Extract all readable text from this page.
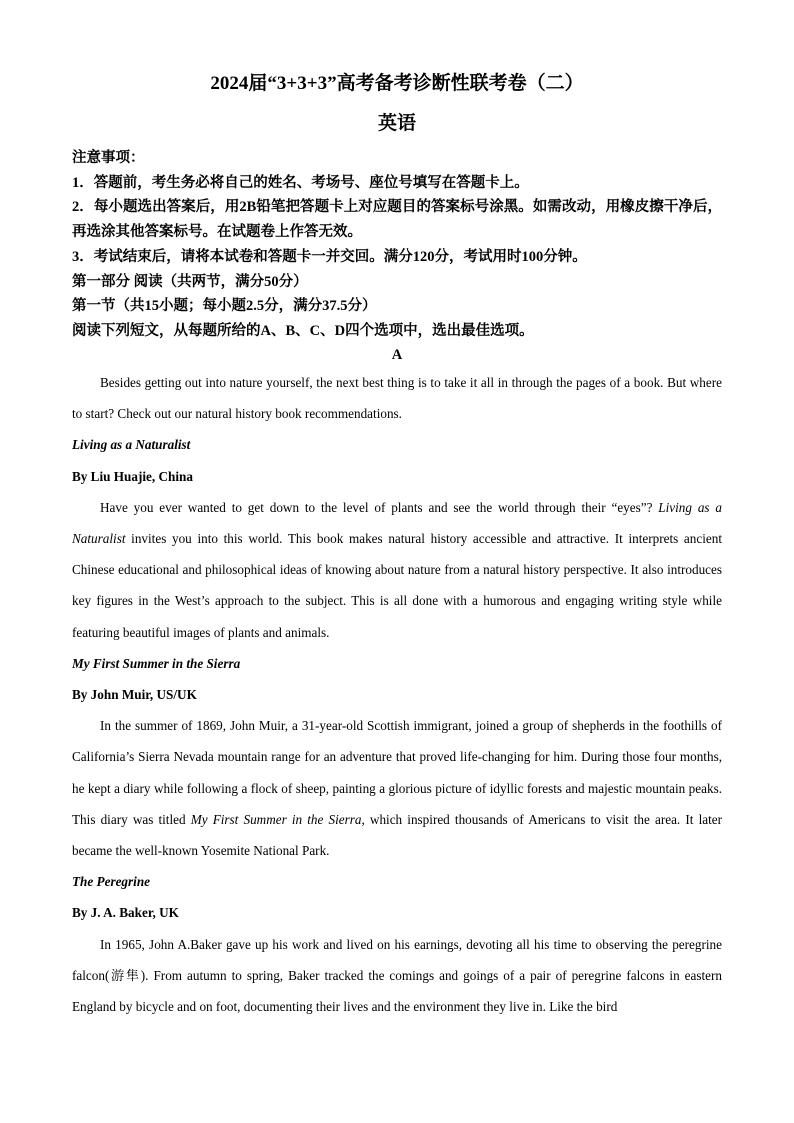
2024届“3+3+3”高考备考诊断性联考卷（二）
英语
注意事项：
1．答题前，考生务必将自己的姓名、考场号、座位号填写在答题卡上。
2．每小题选出答案后，用2B铅笔把答题卡上对应题目的答案标号涂黑。如需改动，用橡皮擦干净后，再选涂其他答案标号。在试题卷上作答无效。
3．考试结束后，请将本试卷和答题卡一并交回。满分120分，考试用时100分钟。
第一部分 阅读（共两节，满分50分）
第一节（共15小题；每小题2.5分，满分37.5分）
阅读下列短文，从每题所给的A、B、C、D四个选项中，选出最佳选项。
A

Besides getting out into nature yourself, the next best thing is to take it all in through the pages of a book. But where to start? Check out our natural history book recommendations.

Living as a Naturalist
By Liu Huajie, China

Have you ever wanted to get down to the level of plants and see the world through their “eyes”? Living as a Naturalist invites you into this world. This book makes natural history accessible and attractive. It interprets ancient Chinese educational and philosophical ideas of knowing about nature from a natural history perspective. It also introduces key figures in the West’s approach to the subject. This is all done with a humorous and engaging writing style while featuring beautiful images of plants and animals.

My First Summer in the Sierra
By John Muir, US/UK

In the summer of 1869, John Muir, a 31-year-old Scottish immigrant, joined a group of shepherds in the foothills of California’s Sierra Nevada mountain range for an adventure that proved life-changing for him. During those four months, he kept a diary while following a flock of sheep, painting a glorious picture of idyllic forests and majestic mountain peaks. This diary was titled My First Summer in the Sierra, which inspired thousands of Americans to visit the area. It later became the well-known Yosemite National Park.

The Peregrine
By J. A. Baker, UK

In 1965, John A.Baker gave up his work and lived on his earnings, devoting all his time to observing the peregrine falcon(游隼). From autumn to spring, Baker tracked the comings and goings of a pair of peregrine falcons in eastern England by bicycle and on foot, documenting their lives and the environment they live in. Like the bird
